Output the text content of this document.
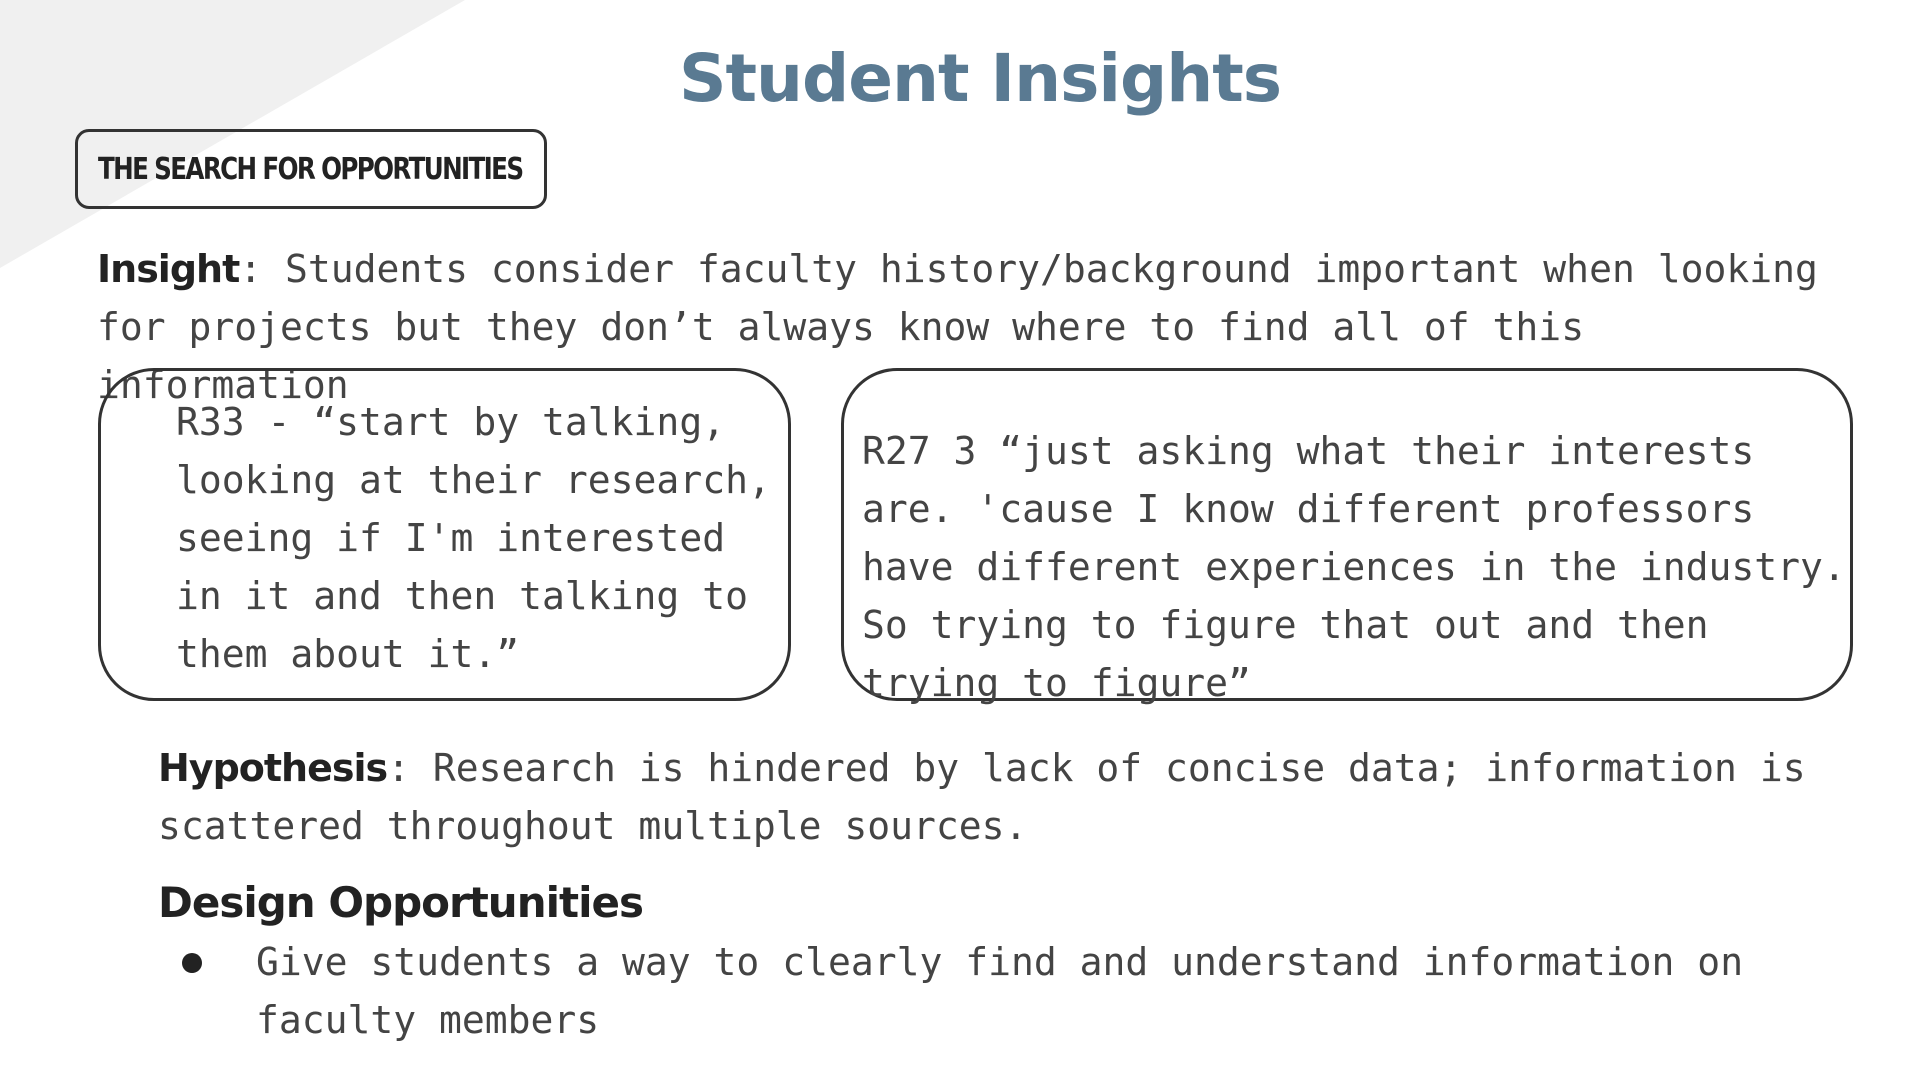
Student Insights
THE SEARCH FOR OPPORTUNITIES

Insight: Students consider faculty history/background important when looking for projects but they don’t always know where to find all of this information

R33 - “start by talking, looking at their research, seeing if I'm interested in it and then talking to them about it.”

R27 3 “just asking what their interests are. 'cause I know different professors have different experiences in the industry. So trying to figure that out and then trying to figure”

Hypothesis: Research is hindered by lack of concise data; information is scattered throughout multiple sources.

Design Opportunities
Give students a way to clearly find and understand information on faculty members
